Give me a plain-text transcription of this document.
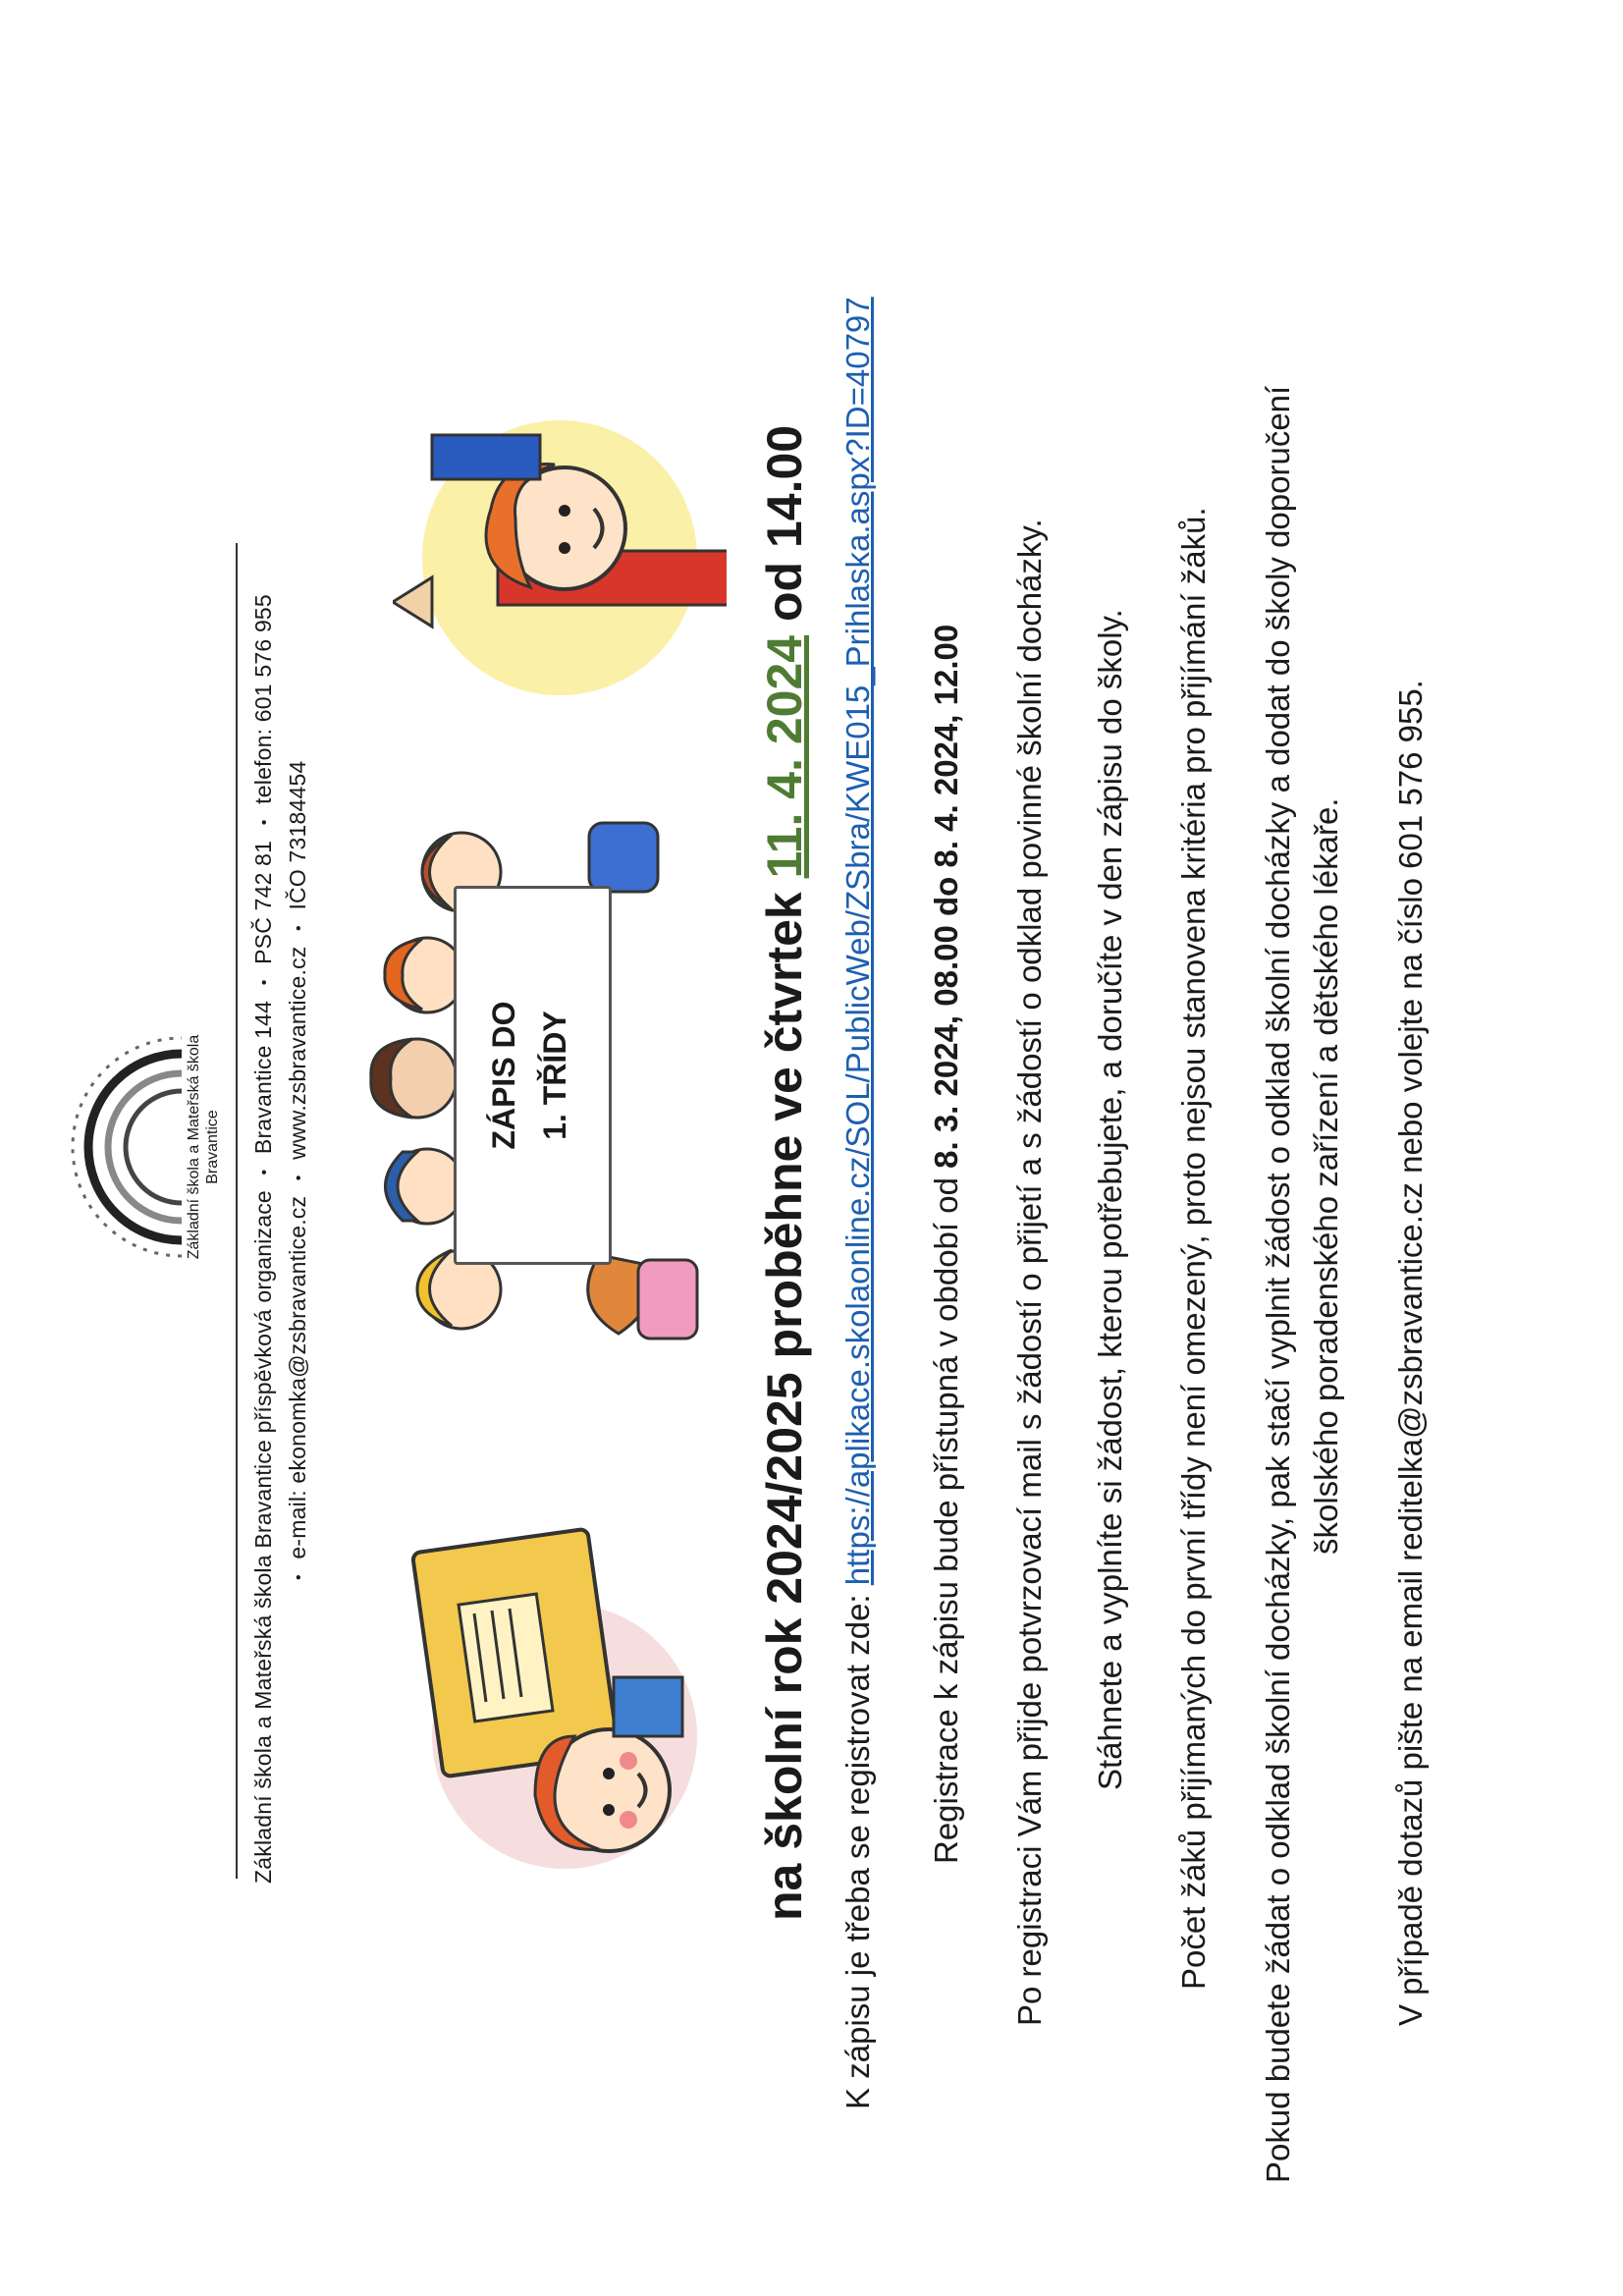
Základní škola a Mateřská škola Bravantice
Základní škola a Mateřská škola Bravantice příspěvková organizace • Bravantice 144 • PSČ 742 81 • telefon: 601 576 955
• e-mail: ekonomka@zsbravantice.cz • www.zsbravantice.cz • IČO 73184454
ZÁPIS DO 1. TŘÍDY	na školní rok 2024/2025 proběhne ve čtvrtek 11. 4. 2024 od 14.00
K zápisu je třeba se registrovat zde: https://aplikace.skolaonline.cz/SOL/PublicWeb/ZSbra/KWE015_Prihlaska.aspx?ID=40797 Registrace k zápisu bude přístupná v období od 8. 3. 2024, 08.00 do 8. 4. 2024, 12.00 Po registraci Vám přijde potvrzovací mail s žádostí o přijetí a s žádostí o odklad povinné školní docházky. Stáhnete a vyplníte si žádost, kterou potřebujete, a doručíte v den zápisu do školy. Počet žáků přijímaných do první třídy není omezený, proto nejsou stanovena kritéria pro přijímání žáků. Pokud budete žádat o odklad školní docházky, pak stačí vyplnit žádost o odklad školní docházky a dodat do školy doporučení školského poradenského zařízení a dětského lékaře. V případě dotazů pište na email reditelka@zsbravantice.cz nebo volejte na číslo 601 576 955.
